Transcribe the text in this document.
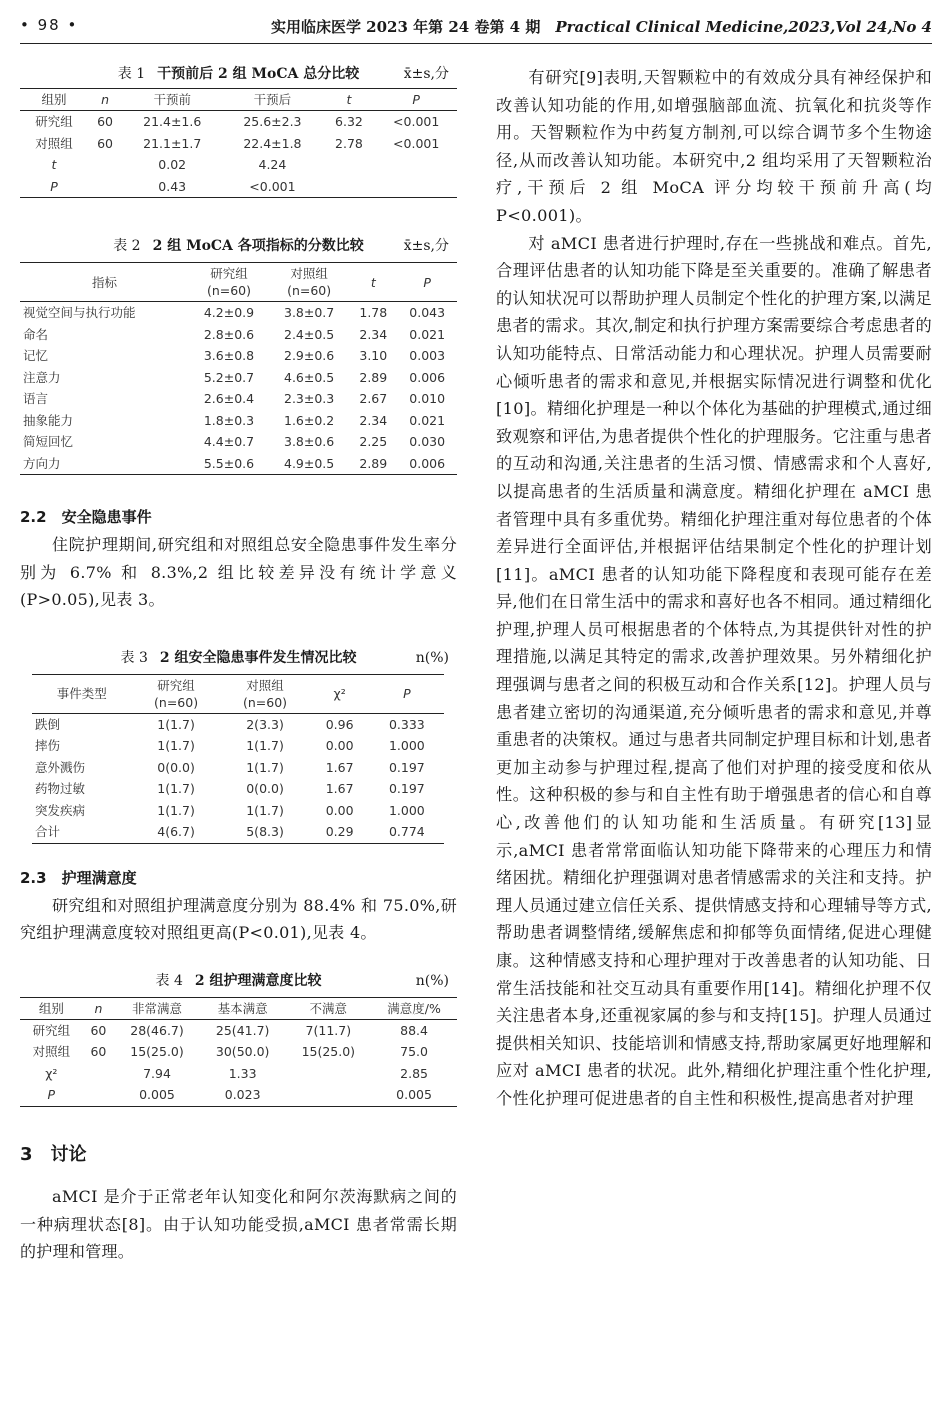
• 98 •	实用临床医学 2023 年第 24 卷第 4 期　 Practical Clinical Medicine,2023,Vol 24,No 4
表 1 干预前后 2 组 MoCA 总分比较	x̄±s,分
组别	n	干预前	干预后	t	P
研究组	60	21.4±1.6	25.6±2.3	6.32	<0.001
对照组	60	21.1±1.7	22.4±1.8	2.78	<0.001
t		0.02	4.24		
P		0.43	<0.001		
表 2 2 组 MoCA 各项指标的分数比较	x̄±s,分
指标	研究组
(n=60)	对照组
(n=60)	t	P
视觉空间与执行功能	4.2±0.9	3.8±0.7	1.78	0.043
命名	2.8±0.6	2.4±0.5	2.34	0.021
记忆	3.6±0.8	2.9±0.6	3.10	0.003
注意力	5.2±0.7	4.6±0.5	2.89	0.006
语言	2.6±0.4	2.3±0.3	2.67	0.010
抽象能力	1.8±0.3	1.6±0.2	2.34	0.021
简短回忆	4.4±0.7	3.8±0.6	2.25	0.030
方向力	5.5±0.6	4.9±0.5	2.89	0.006
2.2　安全隐患事件

住院护理期间,研究组和对照组总安全隐患事件发生率分别为 6.7% 和 8.3%,2 组比较差异没有统计学意义(P>0.05),见表 3。

表 3 2 组安全隐患事件发生情况比较	n(%)
事件类型	研究组
(n=60)	对照组
(n=60)	χ²	P
跌倒	1(1.7)	2(3.3)	0.96	0.333
摔伤	1(1.7)	1(1.7)	0.00	1.000
意外溅伤	0(0.0)	1(1.7)	1.67	0.197
药物过敏	1(1.7)	0(0.0)	1.67	0.197
突发疾病	1(1.7)	1(1.7)	0.00	1.000
合计	4(6.7)	5(8.3)	0.29	0.774
2.3　护理满意度

研究组和对照组护理满意度分别为 88.4% 和 75.0%,研究组护理满意度较对照组更高(P<0.01),见表 4。

表 4 2 组护理满意度比较	n(%)
组别	n	非常满意	基本满意	不满意	满意度/%
研究组	60	28(46.7)	25(41.7)	7(11.7)	88.4
对照组	60	15(25.0)	30(50.0)	15(25.0)	75.0
χ²		7.94	1.33		2.85
P		0.005	0.023		0.005
3　讨论

aMCI 是介于正常老年认知变化和阿尔茨海默病之间的一种病理状态[8]。由于认知功能受损,aMCI 患者常需长期的护理和管理。

有研究[9]表明,天智颗粒中的有效成分具有神经保护和改善认知功能的作用,如增强脑部血流、抗氧化和抗炎等作用。天智颗粒作为中药复方制剂,可以综合调节多个生物途径,从而改善认知功能。本研究中,2 组均采用了天智颗粒治疗,干预后 2 组 MoCA 评分均较干预前升高(均 P<0.001)。

对 aMCI 患者进行护理时,存在一些挑战和难点。首先,合理评估患者的认知功能下降是至关重要的。准确了解患者的认知状况可以帮助护理人员制定个性化的护理方案,以满足患者的需求。其次,制定和执行护理方案需要综合考虑患者的认知功能特点、日常活动能力和心理状况。护理人员需要耐心倾听患者的需求和意见,并根据实际情况进行调整和优化[10]。精细化护理是一种以个体化为基础的护理模式,通过细致观察和评估,为患者提供个性化的护理服务。它注重与患者的互动和沟通,关注患者的生活习惯、情感需求和个人喜好,以提高患者的生活质量和满意度。精细化护理在 aMCI 患者管理中具有多重优势。精细化护理注重对每位患者的个体差异进行全面评估,并根据评估结果制定个性化的护理计划[11]。aMCI 患者的认知功能下降程度和表现可能存在差异,他们在日常生活中的需求和喜好也各不相同。通过精细化护理,护理人员可根据患者的个体特点,为其提供针对性的护理措施,以满足其特定的需求,改善护理效果。另外精细化护理强调与患者之间的积极互动和合作关系[12]。护理人员与患者建立密切的沟通渠道,充分倾听患者的需求和意见,并尊重患者的决策权。通过与患者共同制定护理目标和计划,患者更加主动参与护理过程,提高了他们对护理的接受度和依从性。这种积极的参与和自主性有助于增强患者的信心和自尊心,改善他们的认知功能和生活质量。有研究[13]显示,aMCI 患者常常面临认知功能下降带来的心理压力和情绪困扰。精细化护理强调对患者情感需求的关注和支持。护理人员通过建立信任关系、提供情感支持和心理辅导等方式,帮助患者调整情绪,缓解焦虑和抑郁等负面情绪,促进心理健康。这种情感支持和心理护理对于改善患者的认知功能、日常生活技能和社交互动具有重要作用[14]。精细化护理不仅关注患者本身,还重视家属的参与和支持[15]。护理人员通过提供相关知识、技能培训和情感支持,帮助家属更好地理解和应对 aMCI 患者的状况。此外,精细化护理注重个性化护理,个性化护理可促进患者的自主性和积极性,提高患者对护理
